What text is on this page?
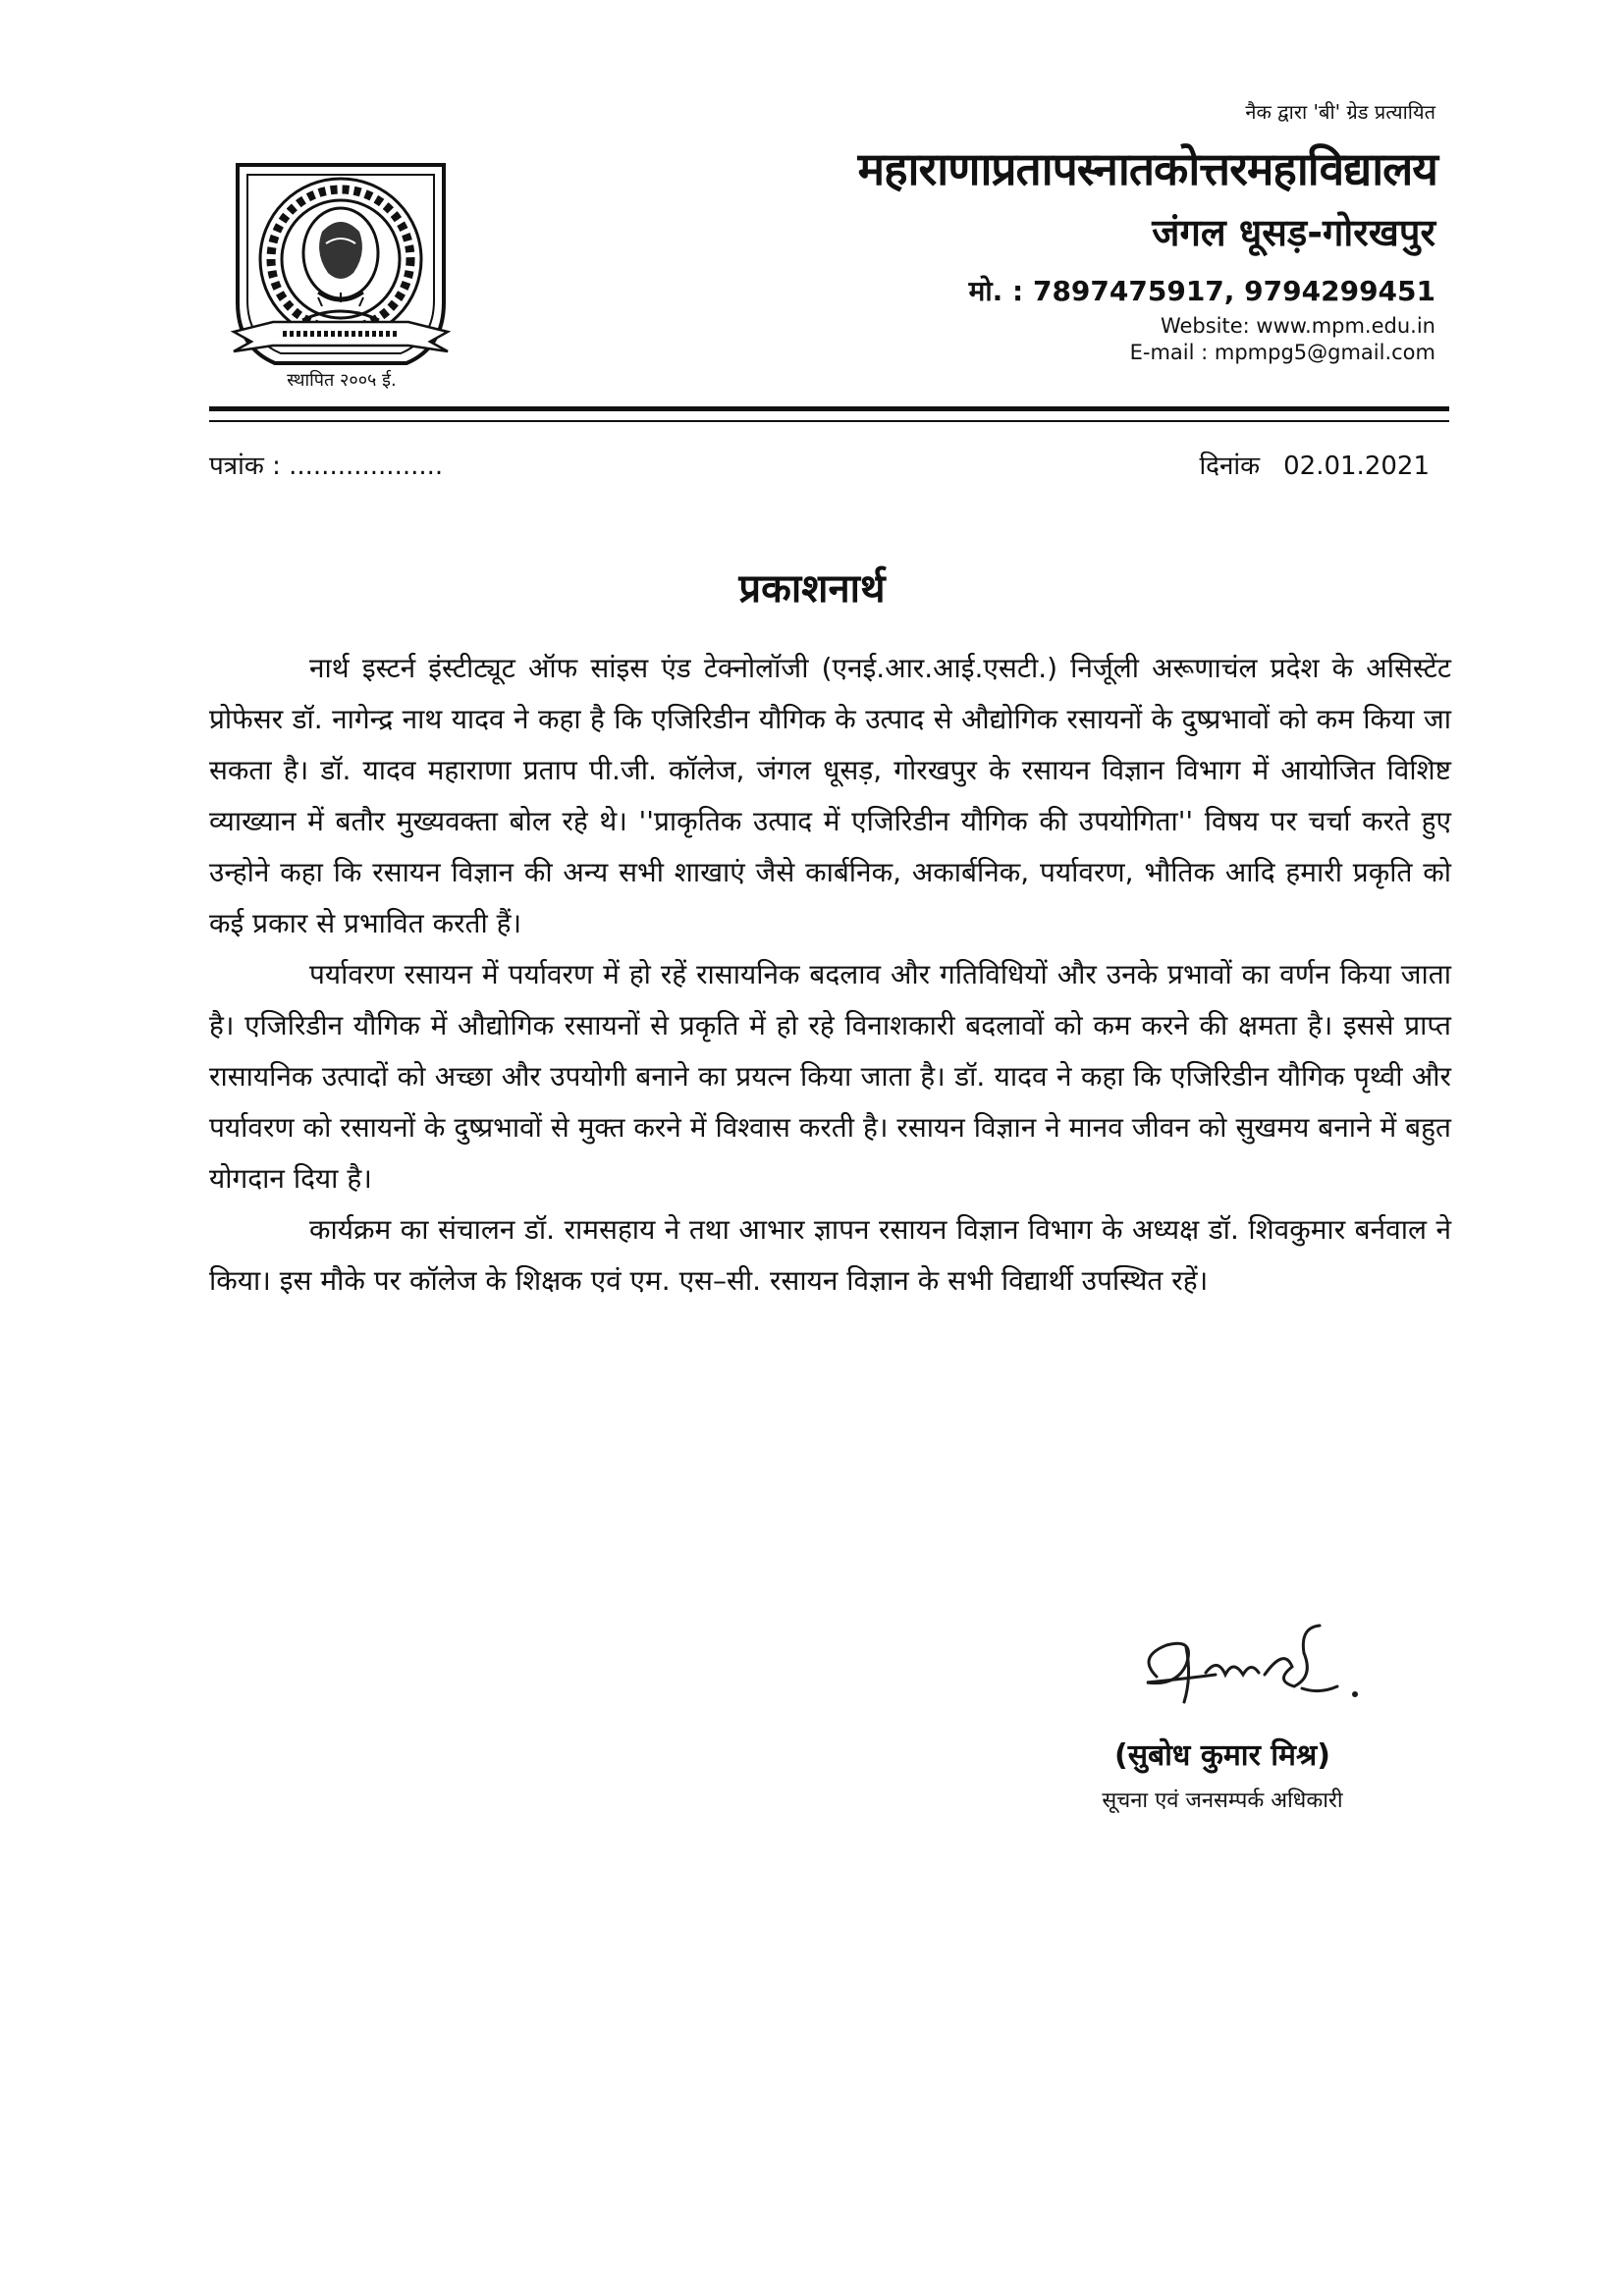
नैक द्वारा 'बी' ग्रेड प्रत्यायित
महाराणाप्रतापस्नातकोत्तरमहाविद्यालय
जंगल धूसड़-गोरखपुर
मो. : 7897475917, 9794299451
Website: www.mpm.edu.in
E-mail : mpmpg5@gmail.com
स्थापित २००५ ई.
पत्रांक : ...................	दिनांक 02.01.2021
प्रकाशनार्थ

नार्थ इस्टर्न इंस्टीट्यूट ऑफ सांइस एंड टेक्नोलॉजी (एनई.आर.आई.एसटी.) निर्जूली अरूणाचंल प्रदेश के असिस्टेंट प्रोफेसर डॉ. नागेन्द्र नाथ यादव ने कहा है कि एजिरिडीन यौगिक के उत्पाद से औद्योगिक रसायनों के दुष्प्रभावों को कम किया जा सकता है। डॉ. यादव महाराणा प्रताप पी.जी. कॉलेज, जंगल धूसड़, गोरखपुर के रसायन विज्ञान विभाग में आयोजित विशिष्ट व्याख्यान में बतौर मुख्यवक्ता बोल रहे थे। ''प्राकृतिक उत्पाद में एजिरिडीन यौगिक की उपयोगिता'' विषय पर चर्चा करते हुए उन्होने कहा कि रसायन विज्ञान की अन्य सभी शाखाएं जैसे कार्बनिक, अकार्बनिक, पर्यावरण, भौतिक आदि हमारी प्रकृति को कई प्रकार से प्रभावित करती हैं।

पर्यावरण रसायन में पर्यावरण में हो रहें रासायनिक बदलाव और गतिविधियों और उनके प्रभावों का वर्णन किया जाता है। एजिरिडीन यौगिक में औद्योगिक रसायनों से प्रकृति में हो रहे विनाशकारी बदलावों को कम करने की क्षमता है। इससे प्राप्त रासायनिक उत्पादों को अच्छा और उपयोगी बनाने का प्रयत्न किया जाता है। डॉ. यादव ने कहा कि एजिरिडीन यौगिक पृथ्वी और पर्यावरण को रसायनों के दुष्प्रभावों से मुक्त करने में विश्वास करती है। रसायन विज्ञान ने मानव जीवन को सुखमय बनाने में बहुत योगदान दिया है।

कार्यक्रम का संचालन डॉ. रामसहाय ने तथा आभार ज्ञापन रसायन विज्ञान विभाग के अध्यक्ष डॉ. शिवकुमार बर्नवाल ने किया। इस मौके पर कॉलेज के शिक्षक एवं एम. एस–सी. रसायन विज्ञान के सभी विद्यार्थी उपस्थित रहें।

(सुबोध कुमार मिश्र)
सूचना एवं जनसम्पर्क अधिकारी
